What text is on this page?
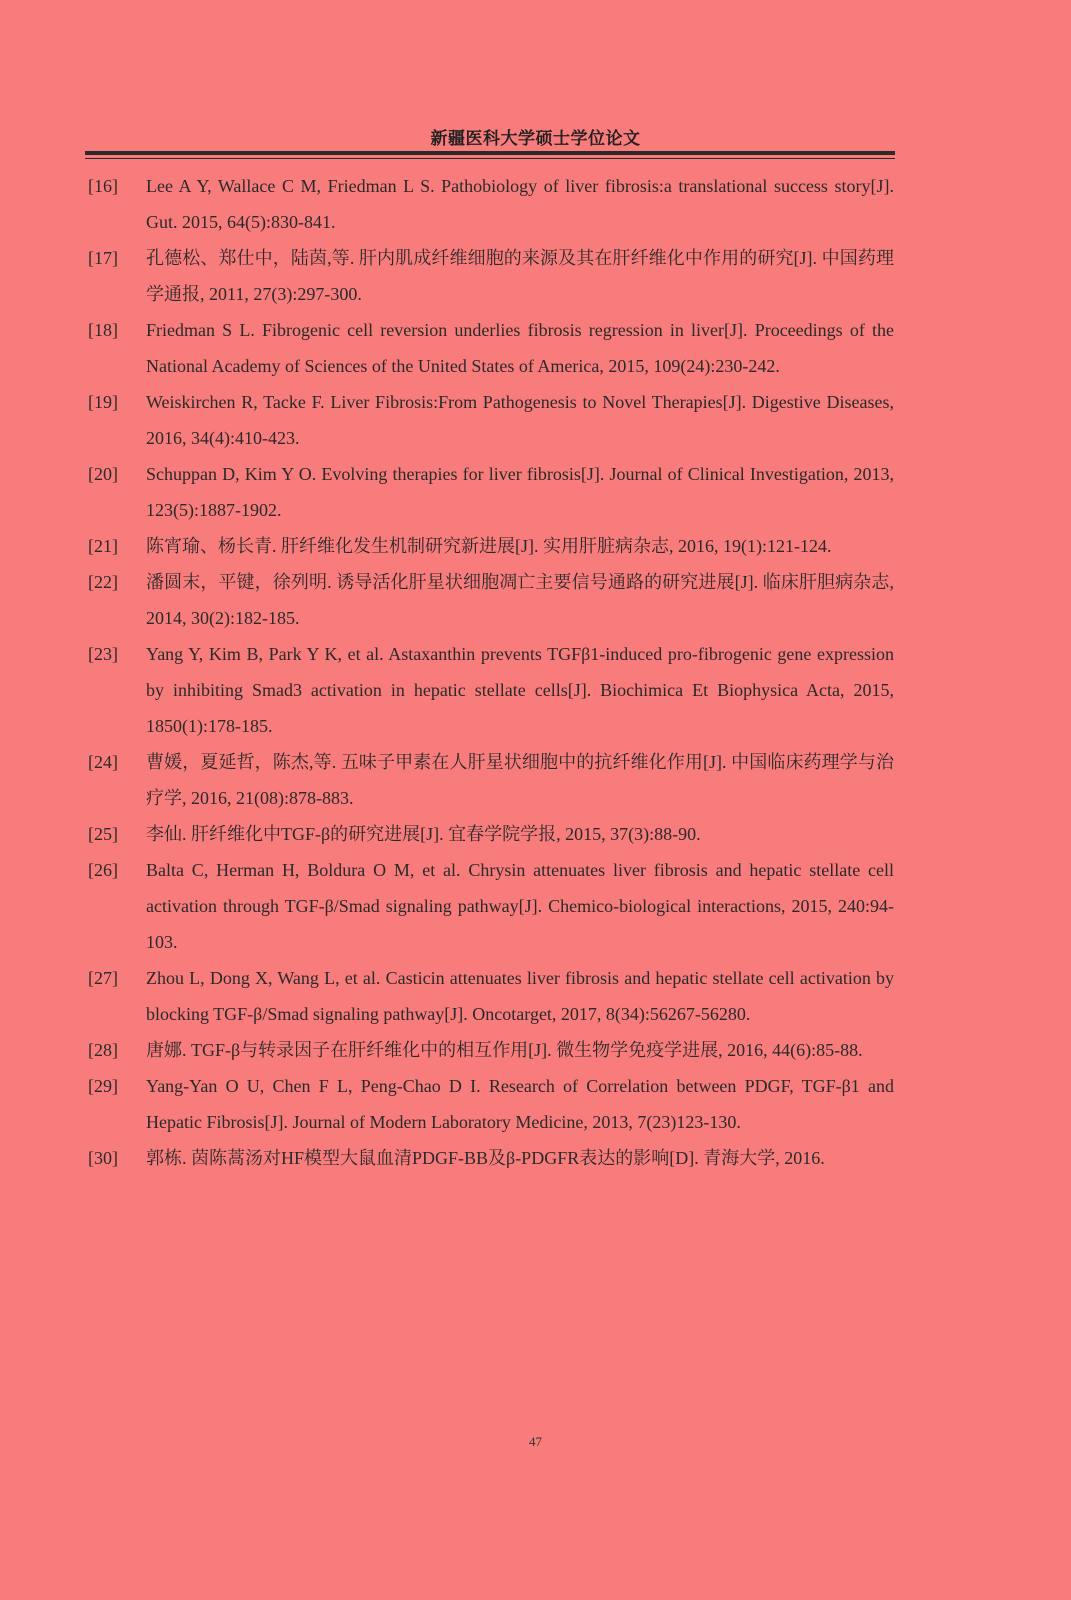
新疆医科大学硕士学位论文
[16] Lee A Y, Wallace C M, Friedman L S. Pathobiology of liver fibrosis:a translational success story[J]. Gut. 2015, 64(5):830-841.
[17] 孔德松、郑仕中，陆茵,等. 肝内肌成纤维细胞的来源及其在肝纤维化中作用的研究[J]. 中国药理学通报, 2011, 27(3):297-300.
[18] Friedman S L. Fibrogenic cell reversion underlies fibrosis regression in liver[J]. Proceedings of the National Academy of Sciences of the United States of America, 2015, 109(24):230-242.
[19] Weiskirchen R, Tacke F. Liver Fibrosis:From Pathogenesis to Novel Therapies[J]. Digestive Diseases, 2016, 34(4):410-423.
[20] Schuppan D, Kim Y O. Evolving therapies for liver fibrosis[J]. Journal of Clinical Investigation, 2013, 123(5):1887-1902.
[21] 陈宵瑜、杨长青. 肝纤维化发生机制研究新进展[J]. 实用肝脏病杂志, 2016, 19(1):121-124.
[22] 潘圆末，平键，徐列明. 诱导活化肝星状细胞凋亡主要信号通路的研究进展[J]. 临床肝胆病杂志, 2014, 30(2):182-185.
[23] Yang Y, Kim B, Park Y K, et al. Astaxanthin prevents TGFβ1-induced pro-fibrogenic gene expression by inhibiting Smad3 activation in hepatic stellate cells[J]. Biochimica Et Biophysica Acta, 2015, 1850(1):178-185.
[24] 曹媛，夏延哲，陈杰,等. 五味子甲素在人肝星状细胞中的抗纤维化作用[J]. 中国临床药理学与治疗学, 2016, 21(08):878-883.
[25] 李仙. 肝纤维化中TGF-β的研究进展[J]. 宜春学院学报, 2015, 37(3):88-90.
[26] Balta C, Herman H, Boldura O M, et al. Chrysin attenuates liver fibrosis and hepatic stellate cell activation through TGF-β/Smad signaling pathway[J]. Chemico-biological interactions, 2015, 240:94-103.
[27] Zhou L, Dong X, Wang L, et al. Casticin attenuates liver fibrosis and hepatic stellate cell activation by blocking TGF-β/Smad signaling pathway[J]. Oncotarget, 2017, 8(34):56267-56280.
[28] 唐娜. TGF-β与转录因子在肝纤维化中的相互作用[J]. 微生物学免疫学进展, 2016, 44(6):85-88.
[29] Yang-Yan O U, Chen F L, Peng-Chao D I. Research of Correlation between PDGF, TGF-β1 and Hepatic Fibrosis[J]. Journal of Modern Laboratory Medicine, 2013, 7(23)123-130.
[30] 郭栋. 茵陈蒿汤对HF模型大鼠血清PDGF-BB及β-PDGFR表达的影响[D]. 青海大学, 2016.
47
